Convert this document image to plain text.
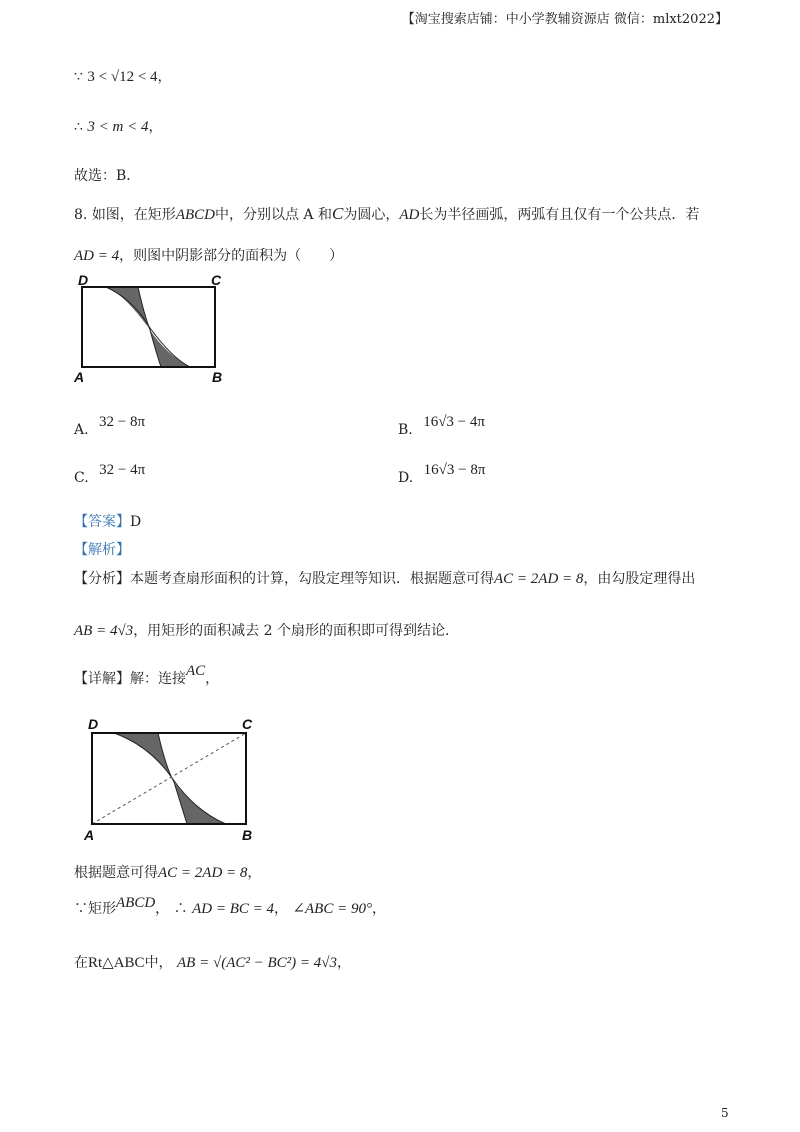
【淘宝搜索店铺：中小学教辅资源店 微信：mlxt2022】
∵ 3 < √12 < 4，
∴ 3 < m < 4，
故选：B．
8. 如图，在矩形ABCD中，分别以点 A 和C为圆心，AD长为半径画弧，两弧有且仅有一个公共点．若
AD = 4，则图中阴影部分的面积为（　　）
D	C
A	B
A. 32 − 8π	B. 16√3 − 4π
C. 32 − 4π	D. 16√3 − 8π
【答案】D
【解析】
【分析】本题考查扇形面积的计算，勾股定理等知识．根据题意可得AC = 2AD = 8，由勾股定理得出
AB = 4√3，用矩形的面积减去 2 个扇形的面积即可得到结论．
【详解】解：连接AC，
D	C
A	B
根据题意可得AC = 2AD = 8，
∵矩形ABCD， ∴ AD = BC = 4， ∠ABC = 90°，
在Rt△ABC中， AB = √(AC² − BC²) = 4√3，
5
